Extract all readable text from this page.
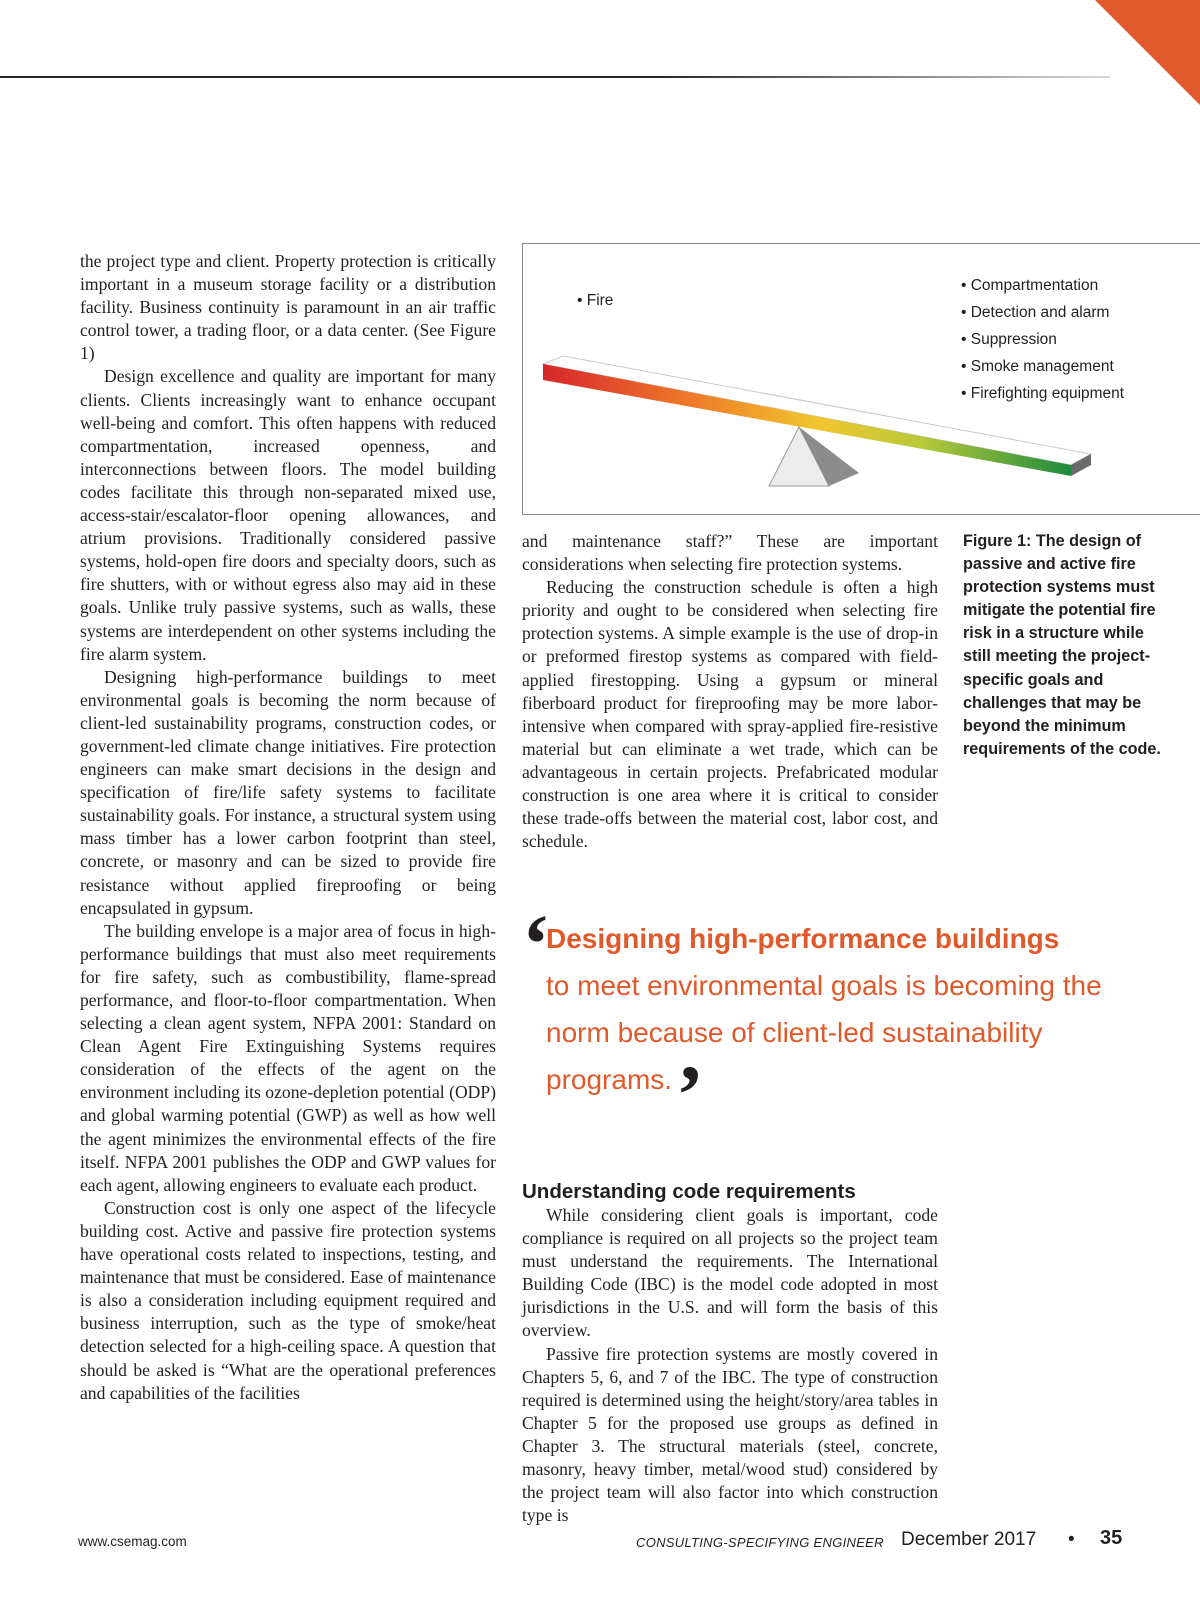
the project type and client. Property protection is critically important in a museum storage facility or a distribution facility. Business continuity is paramount in an air traffic control tower, a trading floor, or a data center. (See Figure 1)

Design excellence and quality are important for many clients. Clients increasingly want to enhance occupant well-being and comfort. This often happens with reduced compartmentation, increased openness, and interconnections between floors. The model building codes facilitate this through non-separated mixed use, access-stair/escalator-floor opening allowances, and atrium provisions. Traditionally considered passive systems, hold-open fire doors and specialty doors, such as fire shutters, with or without egress also may aid in these goals. Unlike truly passive systems, such as walls, these systems are interdependent on other systems including the fire alarm system.

Designing high-performance buildings to meet environmental goals is becoming the norm because of client-led sustainability programs, construction codes, or government-led climate change initiatives. Fire protection engineers can make smart decisions in the design and specification of fire/life safety systems to facilitate sustainability goals. For instance, a structural system using mass timber has a lower carbon footprint than steel, concrete, or masonry and can be sized to provide fire resistance without applied fireproofing or being encapsulated in gypsum.

The building envelope is a major area of focus in high- performance buildings that must also meet requirements for fire safety, such as combustibility, flame-spread performance, and floor-to-floor compartmentation. When selecting a clean agent system, NFPA 2001: Standard on Clean Agent Fire Extinguishing Systems requires consideration of the effects of the agent on the environment including its ozone-depletion potential (ODP) and global warming potential (GWP) as well as how well the agent minimizes the environmental effects of the fire itself. NFPA 2001 publishes the ODP and GWP values for each agent, allowing engineers to evaluate each product.

Construction cost is only one aspect of the lifecycle building cost. Active and passive fire protection systems have operational costs related to inspections, testing, and maintenance that must be considered. Ease of maintenance is also a consideration including equipment required and business interruption, such as the type of smoke/heat detection selected for a high-ceiling space. A question that should be asked is “What are the operational preferences and capabilities of the facilities

• Fire
• Compartmentation
• Detection and alarm
• Suppression
• Smoke management
• Firefighting equipment

Figure 1: The design of passive and active fire protection systems must mitigate the potential fire risk in a structure while still meeting the project-specific goals and challenges that may be beyond the minimum requirements of the code.

and maintenance staff?” These are important considerations when selecting fire protection systems.

Reducing the construction schedule is often a high priority and ought to be considered when selecting fire protection systems. A simple example is the use of drop-in or preformed firestop systems as compared with field-applied firestopping. Using a gypsum or mineral fiberboard product for fireproofing may be more labor-intensive when compared with spray-applied fire-resistive material but can eliminate a wet trade, which can be advantageous in certain projects. Prefabricated modular construction is one area where it is critical to consider these trade-offs between the material cost, labor cost, and schedule.

‘

Designing high-performance buildings
to meet environmental goals is becoming the norm because of client-led sustainability programs.’

Understanding code requirements

While considering client goals is important, code compliance is required on all projects so the project team must understand the requirements. The International Building Code (IBC) is the model code adopted in most jurisdictions in the U.S. and will form the basis of this overview.

Passive fire protection systems are mostly covered in Chapters 5, 6, and 7 of the IBC. The type of construction required is determined using the height/story/area tables in Chapter 5 for the proposed use groups as defined in Chapter 3. The structural materials (steel, concrete, masonry, heavy timber, metal/wood stud) considered by the project team will also factor into which construction type is

www.csemag.com	CONSULTING-SPECIFYING ENGINEER December 2017 • 35
